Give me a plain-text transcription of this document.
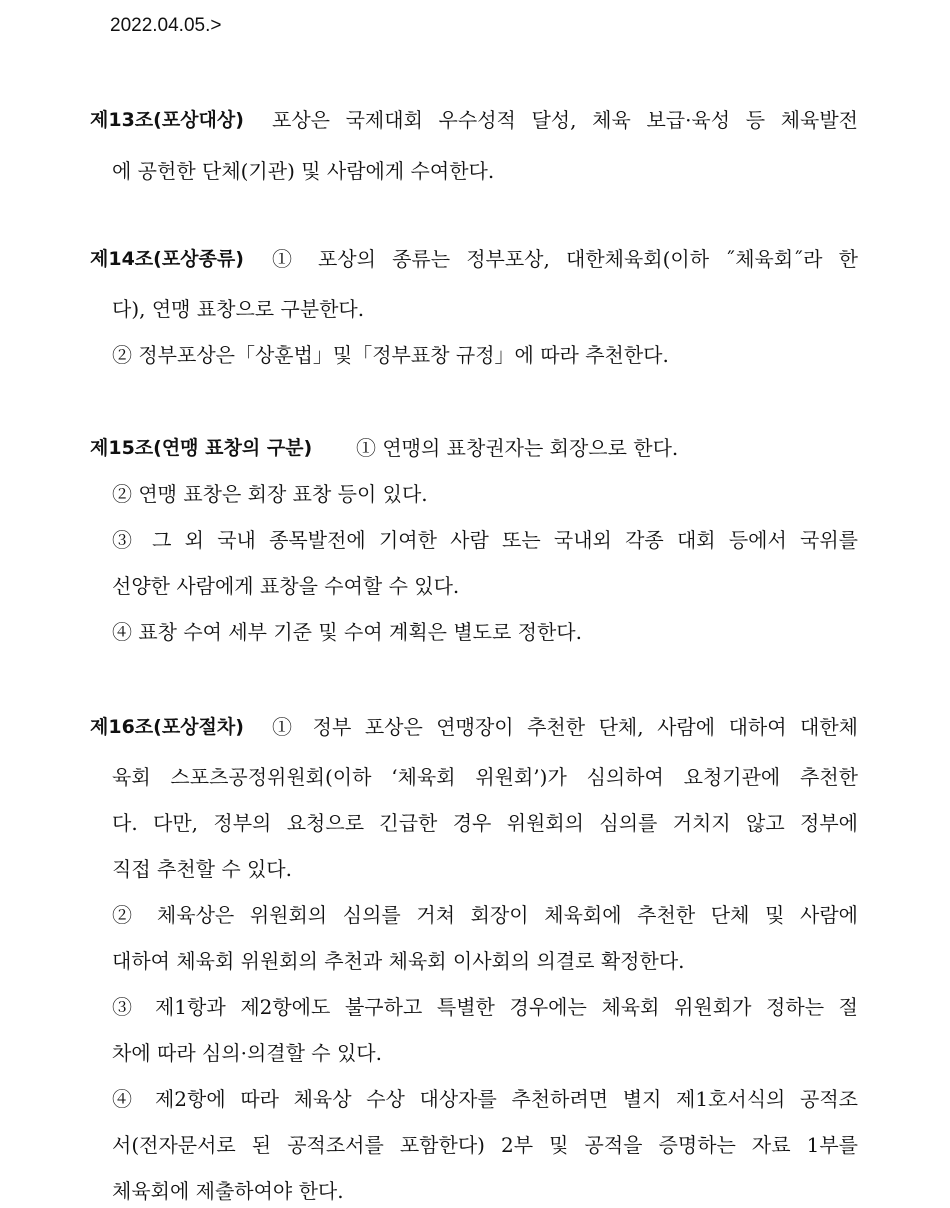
2022.04.05.>
제13조(포상대상) 포상은 국제대회 우수성적 달성, 체육 보급·육성 등 체육발전
에 공헌한 단체(기관) 및 사람에게 수여한다.
제14조(포상종류) ① 포상의 종류는 정부포상, 대한체육회(이하 ˝체육회˝라 한
다), 연맹 표창으로 구분한다.
② 정부포상은「상훈법」및「정부표창 규정」에 따라 추천한다.
제15조(연맹 표창의 구분) ① 연맹의 표창권자는 회장으로 한다.
② 연맹 표창은 회장 표창 등이 있다.
③ 그 외 국내 종목발전에 기여한 사람 또는 국내외 각종 대회 등에서 국위를
선양한 사람에게 표창을 수여할 수 있다.
④ 표창 수여 세부 기준 및 수여 계획은 별도로 정한다.
제16조(포상절차) ① 정부 포상은 연맹장이 추천한 단체, 사람에 대하여 대한체
육회 스포츠공정위원회(이하 ‘체육회 위원회’)가 심의하여 요청기관에 추천한
다. 다만, 정부의 요청으로 긴급한 경우 위원회의 심의를 거치지 않고 정부에
직접 추천할 수 있다.
② 체육상은 위원회의 심의를 거쳐 회장이 체육회에 추천한 단체 및 사람에
대하여 체육회 위원회의 추천과 체육회 이사회의 의결로 확정한다.
③ 제1항과 제2항에도 불구하고 특별한 경우에는 체육회 위원회가 정하는 절
차에 따라 심의·의결할 수 있다.
④ 제2항에 따라 체육상 수상 대상자를 추천하려면 별지 제1호서식의 공적조
서(전자문서로 된 공적조서를 포함한다) 2부 및 공적을 증명하는 자료 1부를
체육회에 제출하여야 한다.
